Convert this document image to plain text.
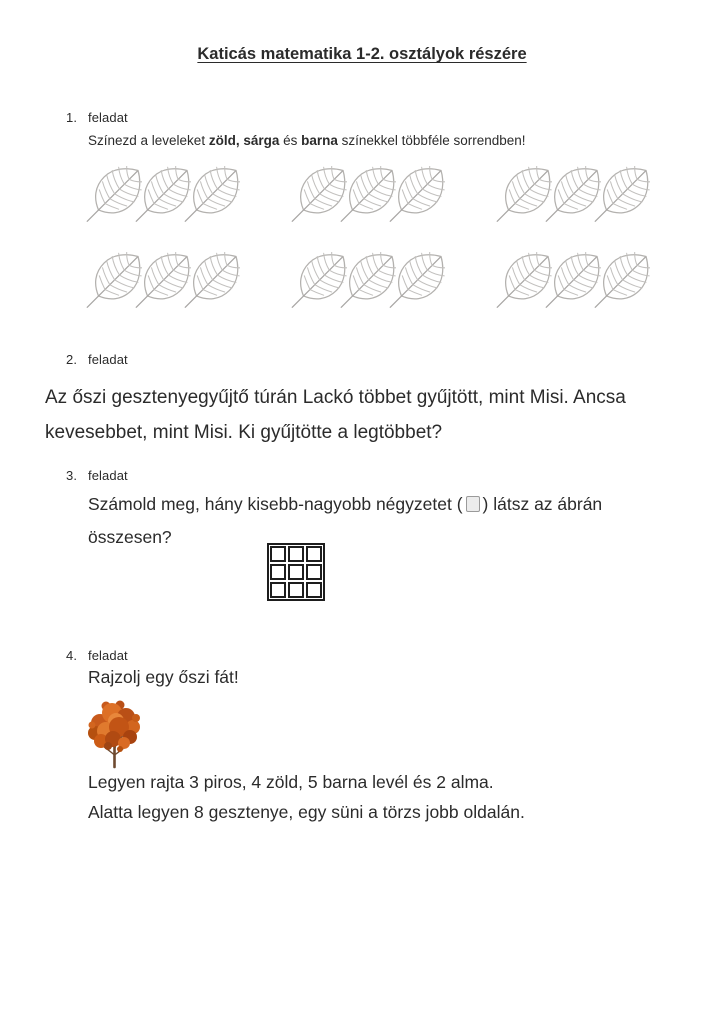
Katicás matematika 1-2. osztályok részére
1. feladat
Színezd a leveleket zöld, sárga és barna színekkel többféle sorrendben!
2. feladat
Az őszi gesztenyegyűjtő túrán Lackó többet gyűjtött, mint Misi. Ancsa
kevesebbet, mint Misi. Ki gyűjtötte a legtöbbet?
3. feladat
Számold meg, hány kisebb-nagyobb négyzetet ( ) látsz az ábrán
összesen?
4. feladat
Rajzolj egy őszi fát!
Legyen rajta 3 piros, 4 zöld, 5 barna levél és 2 alma.
Alatta legyen 8 gesztenye, egy süni a törzs jobb oldalán.
